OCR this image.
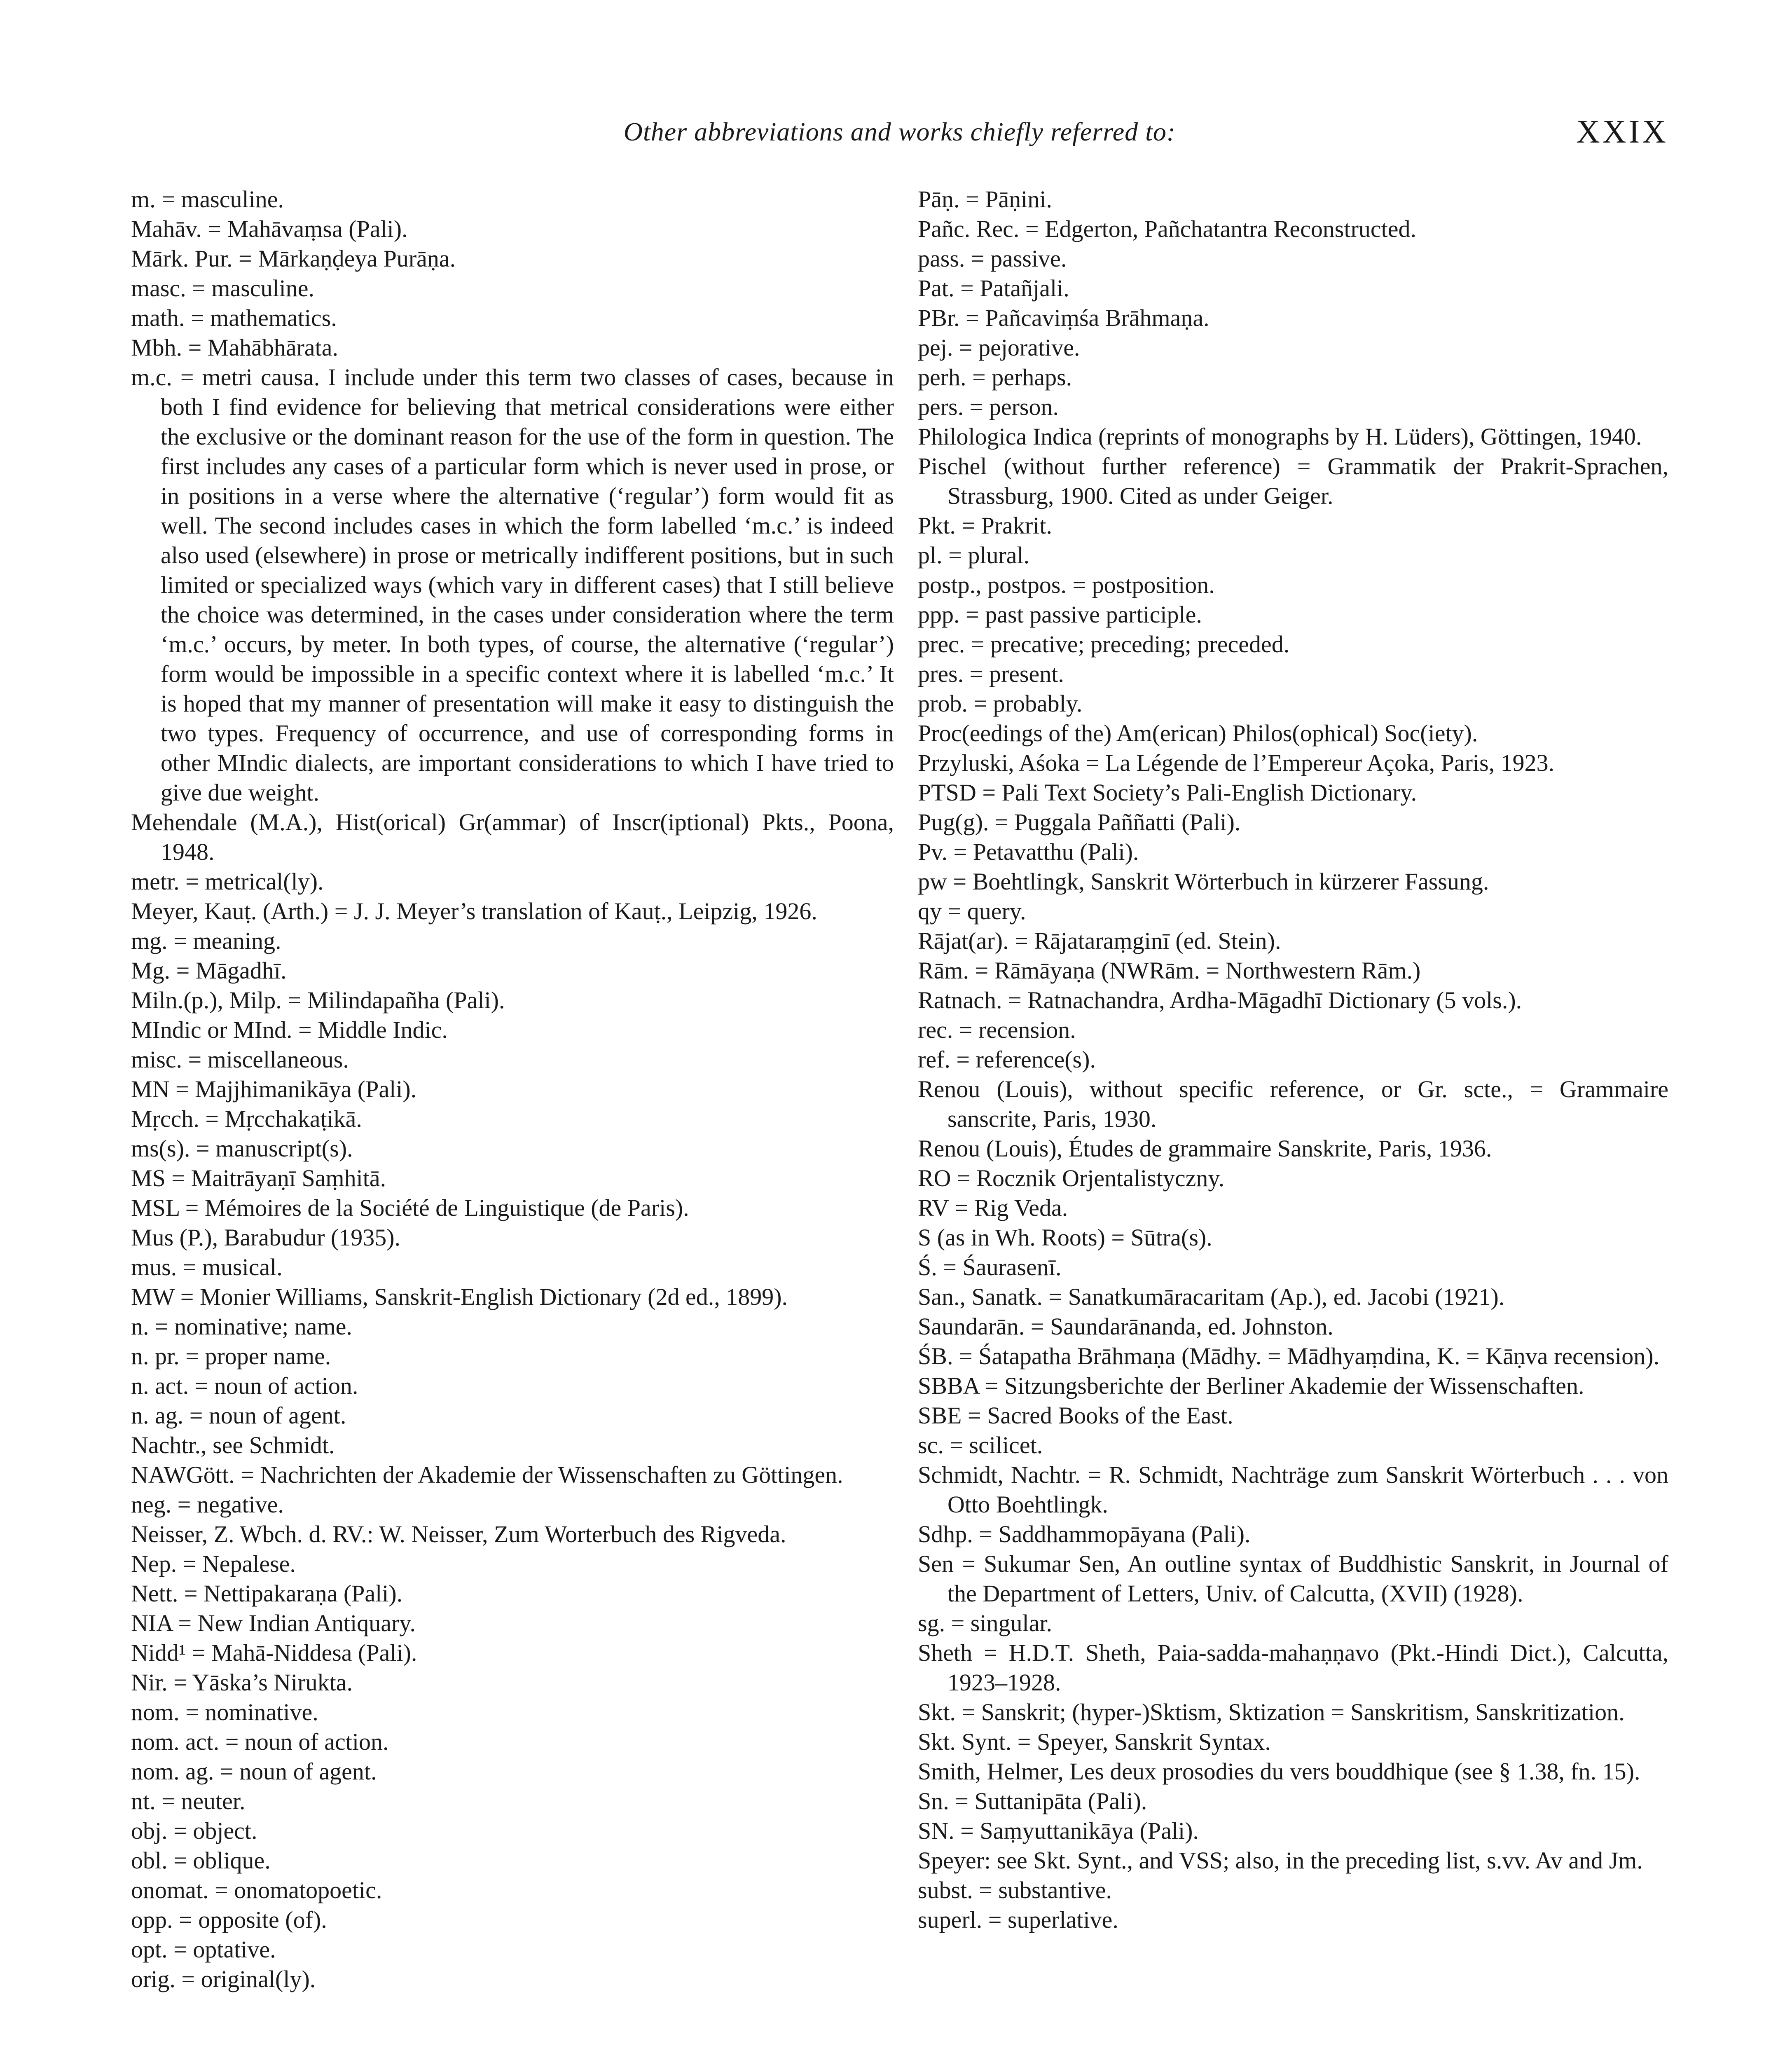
Other abbreviations and works chiefly referred to:	XXIX
m. = masculine.
Mahāv. = Mahāvaṃsa (Pali).
Mārk. Pur. = Mārkaṇḍeya Purāṇa.
masc. = masculine.
math. = mathematics.
Mbh. = Mahābhārata.
m.c. = metri causa. I include under this term two classes of cases, because in both I find evidence for believing that metrical considerations were either the exclusive or the dominant reason for the use of the form in question. The first includes any cases of a particular form which is never used in prose, or in positions in a verse where the alternative (‘regular’) form would fit as well. The second includes cases in which the form labelled ‘m.c.’ is indeed also used (elsewhere) in prose or metrically indifferent positions, but in such limited or specialized ways (which vary in different cases) that I still believe the choice was determined, in the cases under consideration where the term ‘m.c.’ occurs, by meter. In both types, of course, the alternative (‘regular’) form would be impossible in a specific context where it is labelled ‘m.c.’ It is hoped that my manner of presentation will make it easy to distinguish the two types. Frequency of occurrence, and use of corresponding forms in other MIndic dialects, are important considerations to which I have tried to give due weight.
Mehendale (M.A.), Hist(orical) Gr(ammar) of Inscr(iptional) Pkts., Poona, 1948.
metr. = metrical(ly).
Meyer, Kauṭ. (Arth.) = J. J. Meyer’s translation of Kauṭ., Leipzig, 1926.
mg. = meaning.
Mg. = Māgadhī.
Miln.(p.), Milp. = Milindapañha (Pali).
MIndic or MInd. = Middle Indic.
misc. = miscellaneous.
MN = Majjhimanikāya (Pali).
Mṛcch. = Mṛcchakaṭikā.
ms(s). = manuscript(s).
MS = Maitrāyaṇī Saṃhitā.
MSL = Mémoires de la Société de Linguistique (de Paris).
Mus (P.), Barabudur (1935).
mus. = musical.
MW = Monier Williams, Sanskrit-English Dictionary (2d ed., 1899).
n. = nominative; name.
n. pr. = proper name.
n. act. = noun of action.
n. ag. = noun of agent.
Nachtr., see Schmidt.
NAWGött. = Nachrichten der Akademie der Wissenschaften zu Göttingen.
neg. = negative.
Neisser, Z. Wbch. d. RV.: W. Neisser, Zum Worterbuch des Rigveda.
Nep. = Nepalese.
Nett. = Nettipakaraṇa (Pali).
NIA = New Indian Antiquary.
Nidd¹ = Mahā-Niddesa (Pali).
Nir. = Yāska’s Nirukta.
nom. = nominative.
nom. act. = noun of action.
nom. ag. = noun of agent.
nt. = neuter.
obj. = object.
obl. = oblique.
onomat. = onomatopoetic.
opp. = opposite (of).
opt. = optative.
orig. = original(ly).
Pāṇ. = Pāṇini.
Pañc. Rec. = Edgerton, Pañchatantra Reconstructed.
pass. = passive.
Pat. = Patañjali.
PBr. = Pañcaviṃśa Brāhmaṇa.
pej. = pejorative.
perh. = perhaps.
pers. = person.
Philologica Indica (reprints of monographs by H. Lüders), Göttingen, 1940.
Pischel (without further reference) = Grammatik der Prakrit-Sprachen, Strassburg, 1900. Cited as under Geiger.
Pkt. = Prakrit.
pl. = plural.
postp., postpos. = postposition.
ppp. = past passive participle.
prec. = precative; preceding; preceded.
pres. = present.
prob. = probably.
Proc(eedings of the) Am(erican) Philos(ophical) Soc(iety).
Przyluski, Aśoka = La Légende de l’Empereur Açoka, Paris, 1923.
PTSD = Pali Text Society’s Pali-English Dictionary.
Pug(g). = Puggala Paññatti (Pali).
Pv. = Petavatthu (Pali).
pw = Boehtlingk, Sanskrit Wörterbuch in kürzerer Fassung.
qy = query.
Rājat(ar). = Rājataraṃginī (ed. Stein).
Rām. = Rāmāyaṇa (NWRām. = Northwestern Rām.)
Ratnach. = Ratnachandra, Ardha-Māgadhī Dictionary (5 vols.).
rec. = recension.
ref. = reference(s).
Renou (Louis), without specific reference, or Gr. scte., = Grammaire sanscrite, Paris, 1930.
Renou (Louis), Études de grammaire Sanskrite, Paris, 1936.
RO = Rocznik Orjentalistyczny.
RV = Rig Veda.
S (as in Wh. Roots) = Sūtra(s).
Ś. = Śaurasenī.
San., Sanatk. = Sanatkumāracaritam (Ap.), ed. Jacobi (1921).
Saundarān. = Saundarānanda, ed. Johnston.
ŚB. = Śatapatha Brāhmaṇa (Mādhy. = Mādhyaṃdina, K. = Kāṇva recension).
SBBA = Sitzungsberichte der Berliner Akademie der Wissenschaften.
SBE = Sacred Books of the East.
sc. = scilicet.
Schmidt, Nachtr. = R. Schmidt, Nachträge zum Sanskrit Wörterbuch . . . von Otto Boehtlingk.
Sdhp. = Saddhammopāyana (Pali).
Sen = Sukumar Sen, An outline syntax of Buddhistic Sanskrit, in Journal of the Department of Letters, Univ. of Calcutta, (XVII) (1928).
sg. = singular.
Sheth = H.D.T. Sheth, Paia-sadda-mahaṇṇavo (Pkt.-Hindi Dict.), Calcutta, 1923–1928.
Skt. = Sanskrit; (hyper-)Sktism, Sktization = Sanskritism, Sanskritization.
Skt. Synt. = Speyer, Sanskrit Syntax.
Smith, Helmer, Les deux prosodies du vers bouddhique (see § 1.38, fn. 15).
Sn. = Suttanipāta (Pali).
SN. = Saṃyuttanikāya (Pali).
Speyer: see Skt. Synt., and VSS; also, in the preceding list, s.vv. Av and Jm.
subst. = substantive.
superl. = superlative.
